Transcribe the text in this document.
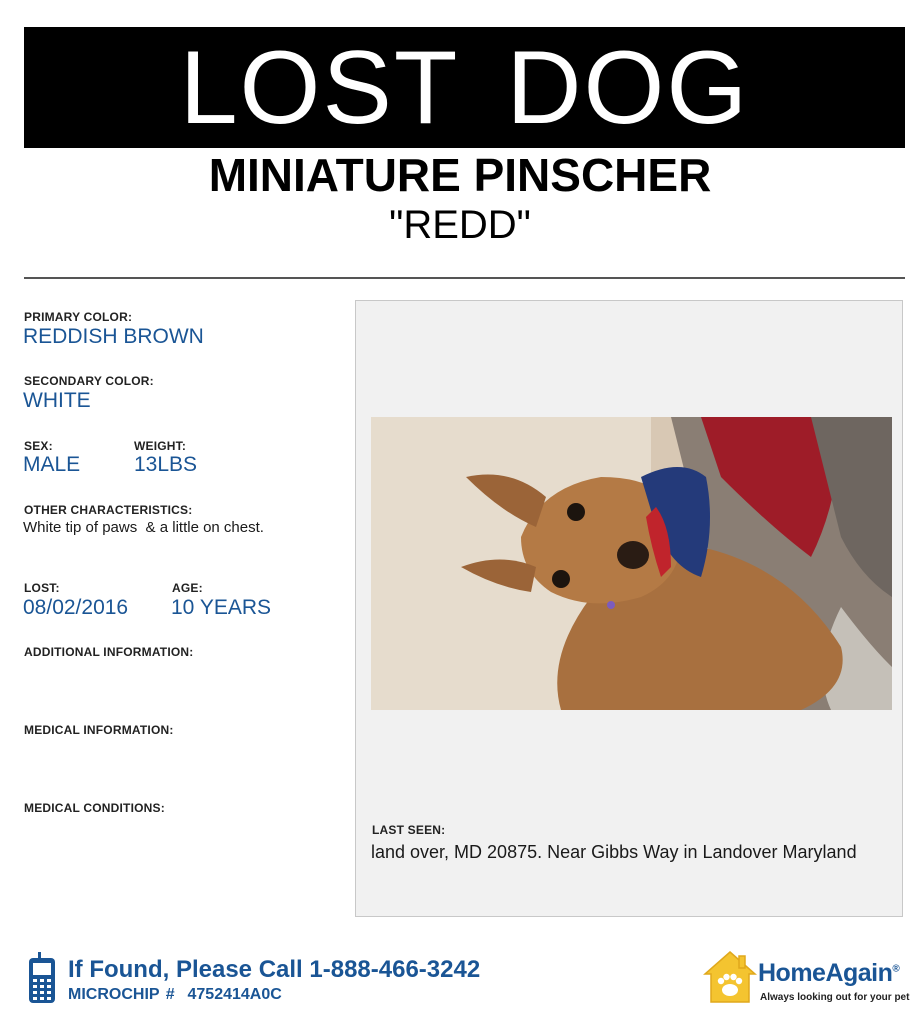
LOST DOG
MINIATURE PINSCHER
"REDD"
PRIMARY COLOR:
REDDISH BROWN
SECONDARY COLOR:
WHITE
SEX:
MALE
WEIGHT:
13LBS
OTHER CHARACTERISTICS:
White tip of paws  & a little on chest.
LOST:
08/02/2016
AGE:
10 YEARS
ADDITIONAL INFORMATION:
MEDICAL INFORMATION:
MEDICAL CONDITIONS:
LAST SEEN:
land over, MD 20875. Near Gibbs Way in Landover Maryland
If Found, Please Call 1-888-466-3242
MICROCHIP #  4752414A0C
HomeAgain®
Always looking out for your pet
